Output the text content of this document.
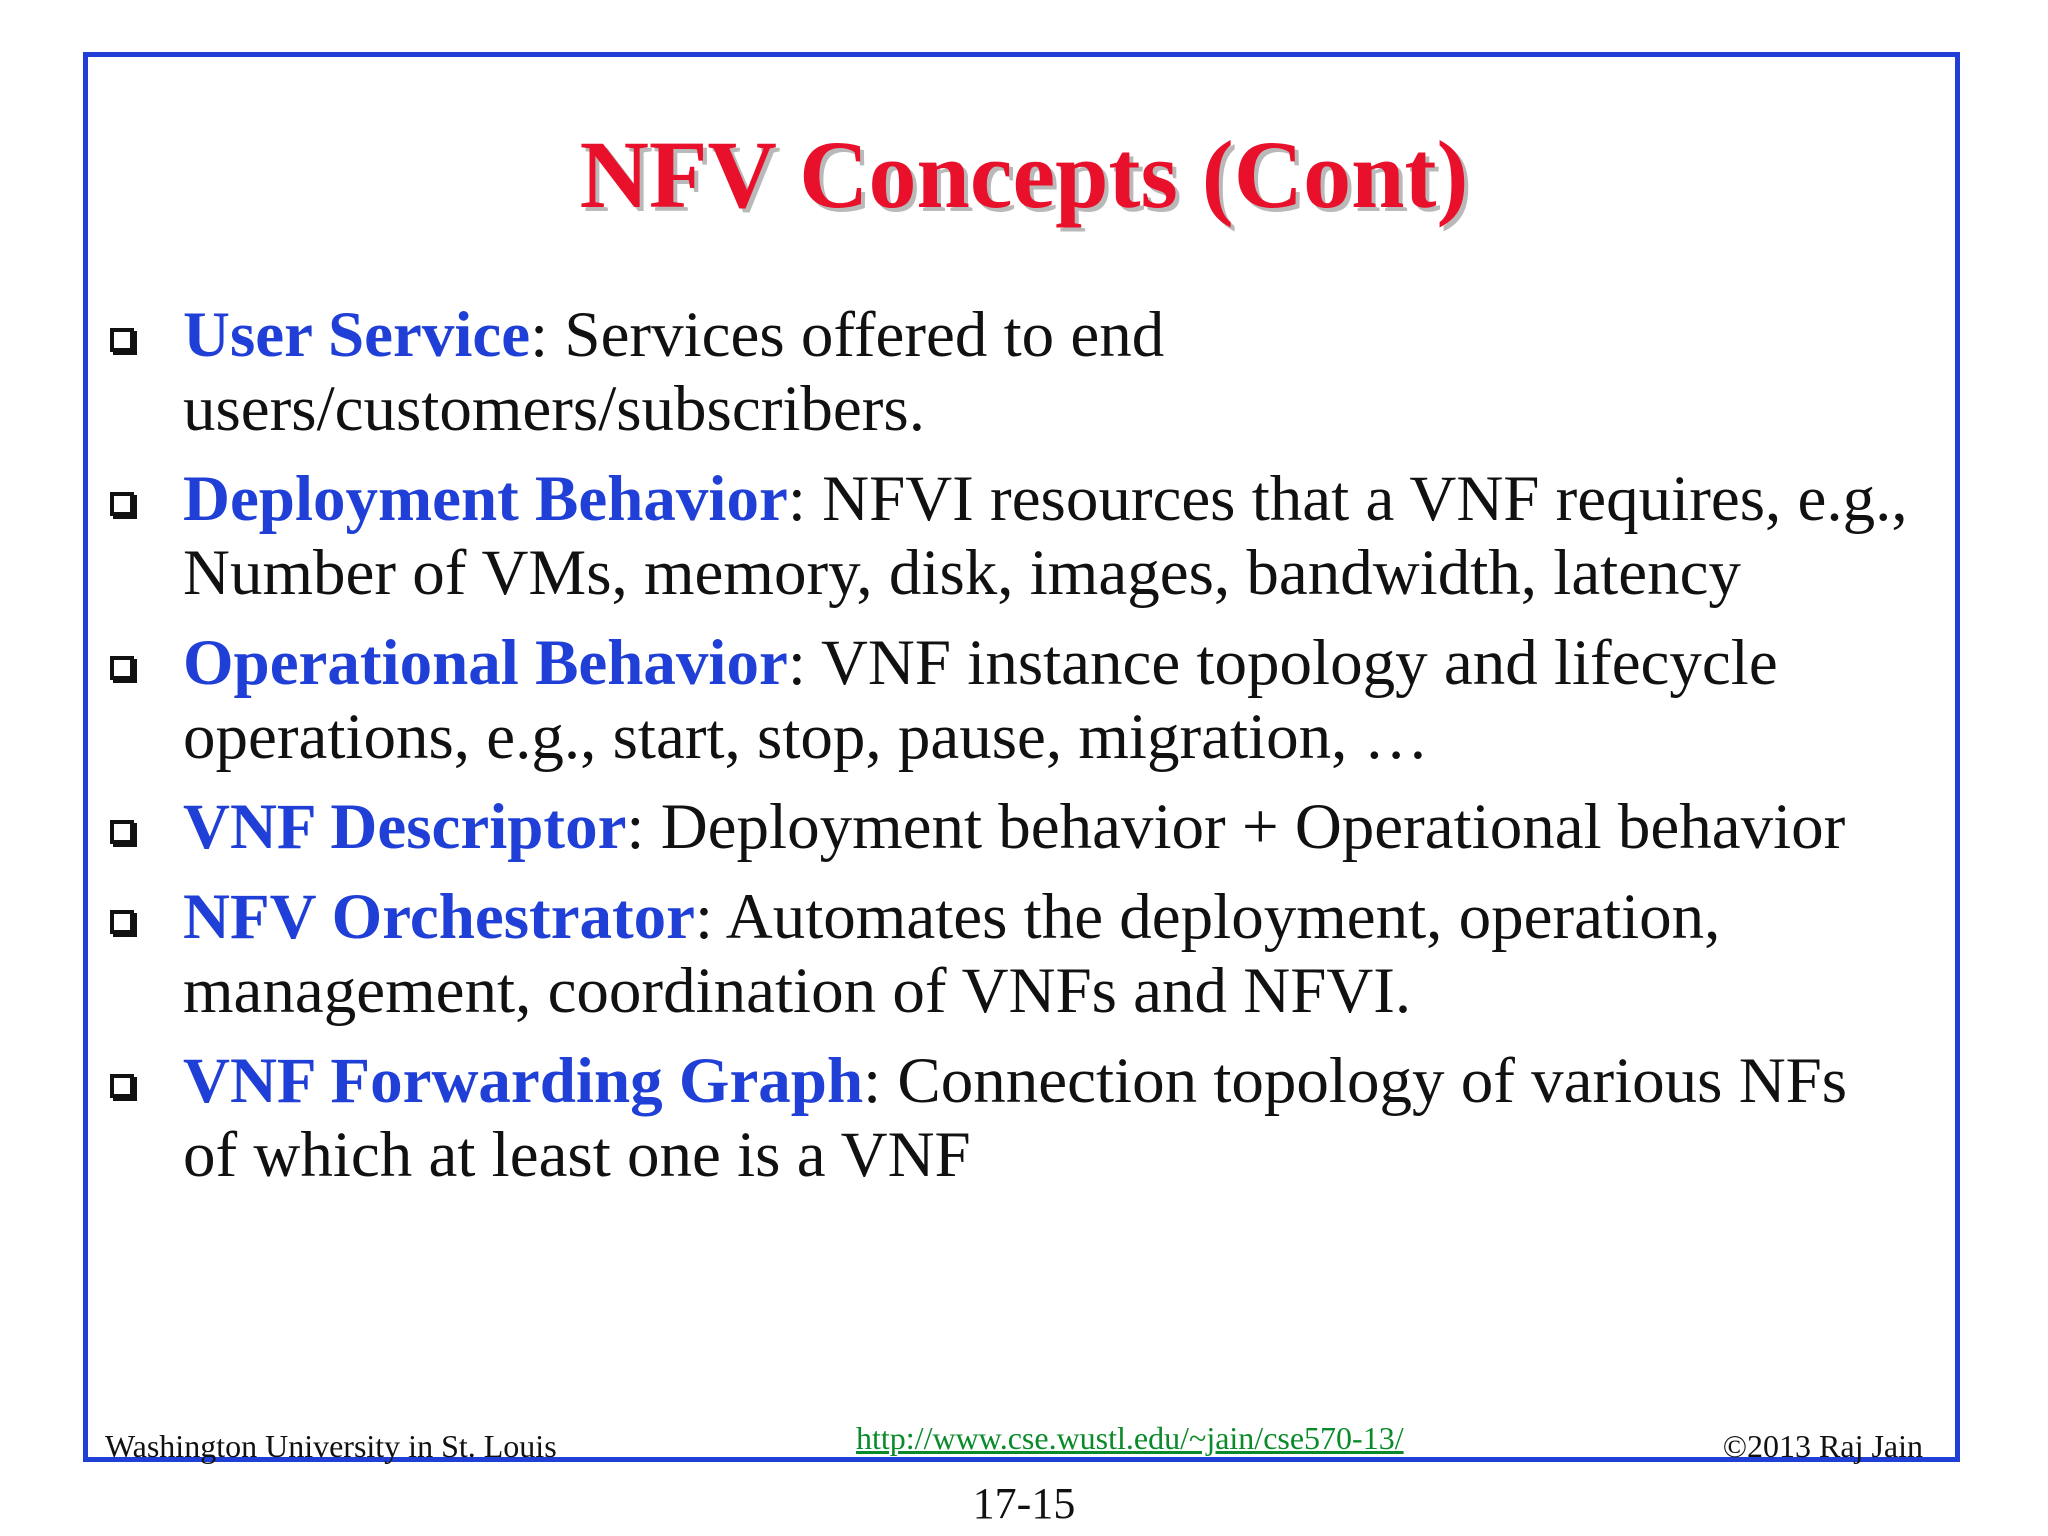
NFV Concepts (Cont)
User Service: Services offered to end users/customers/subscribers.
Deployment Behavior: NFVI resources that a VNF requires, e.g., Number of VMs, memory, disk, images, bandwidth, latency
Operational Behavior: VNF instance topology and lifecycle operations, e.g., start, stop, pause, migration, …
VNF Descriptor: Deployment behavior + Operational behavior
NFV Orchestrator: Automates the deployment, operation, management, coordination of VNFs and NFVI.
VNF Forwarding Graph: Connection topology of various NFs of which at least one is a VNF
Washington University in St. Louis	http://www.cse.wustl.edu/~jain/cse570-13/	©2013 Raj Jain
17-15
